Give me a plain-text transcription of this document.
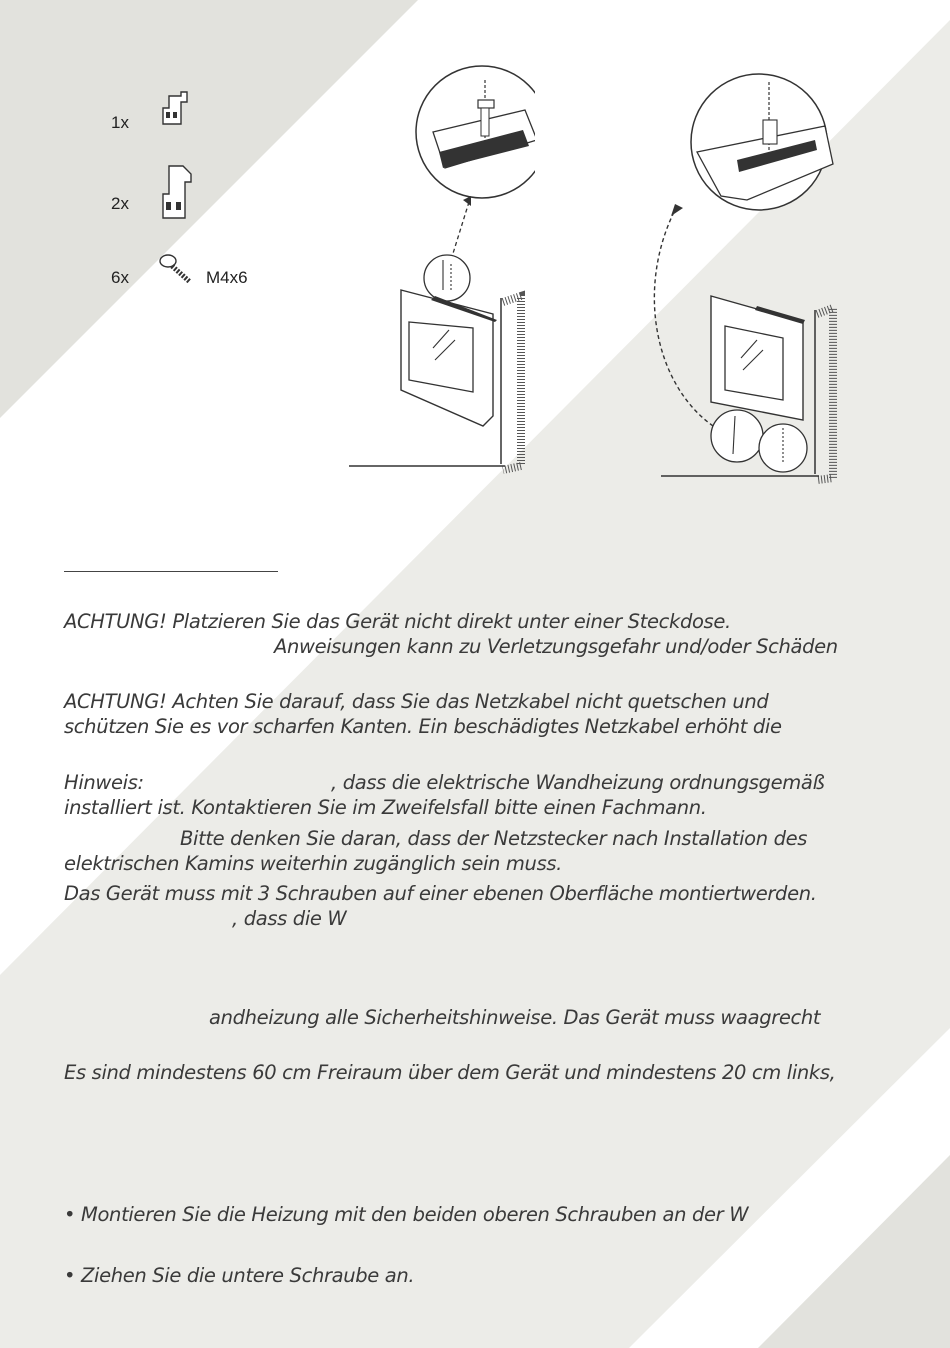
1x
2x
6x	M4x6
ACHTUNG! Platzieren Sie das Gerät nicht direkt unter einer Steckdose.
Anweisungen kann zu Verletzungsgefahr und/oder Schäden
ACHTUNG! Achten Sie darauf, dass Sie das Netzkabel nicht quetschen und
schützen Sie es vor scharfen Kanten. Ein beschädigtes Netzkabel erhöht die
Hinweis:	, dass die elektrische Wandheizung ordnungsgemäß
installiert ist. Kontaktieren Sie im Zweifelsfall bitte einen Fachmann.
Bitte denken Sie daran, dass der Netzstecker nach Installation des
elektrischen Kamins weiterhin zugänglich sein muss.
Das Gerät muss mit 3 Schrauben auf einer ebenen Oberfläche montiertwerden.
, dass die W
andheizung alle Sicherheitshinweise. Das Gerät muss waagrecht
Es sind mindestens 60 cm Freiraum über dem Gerät und mindestens 20 cm links,
• Montieren Sie die Heizung mit den beiden oberen Schrauben an der W
• Ziehen Sie die untere Schraube an.
